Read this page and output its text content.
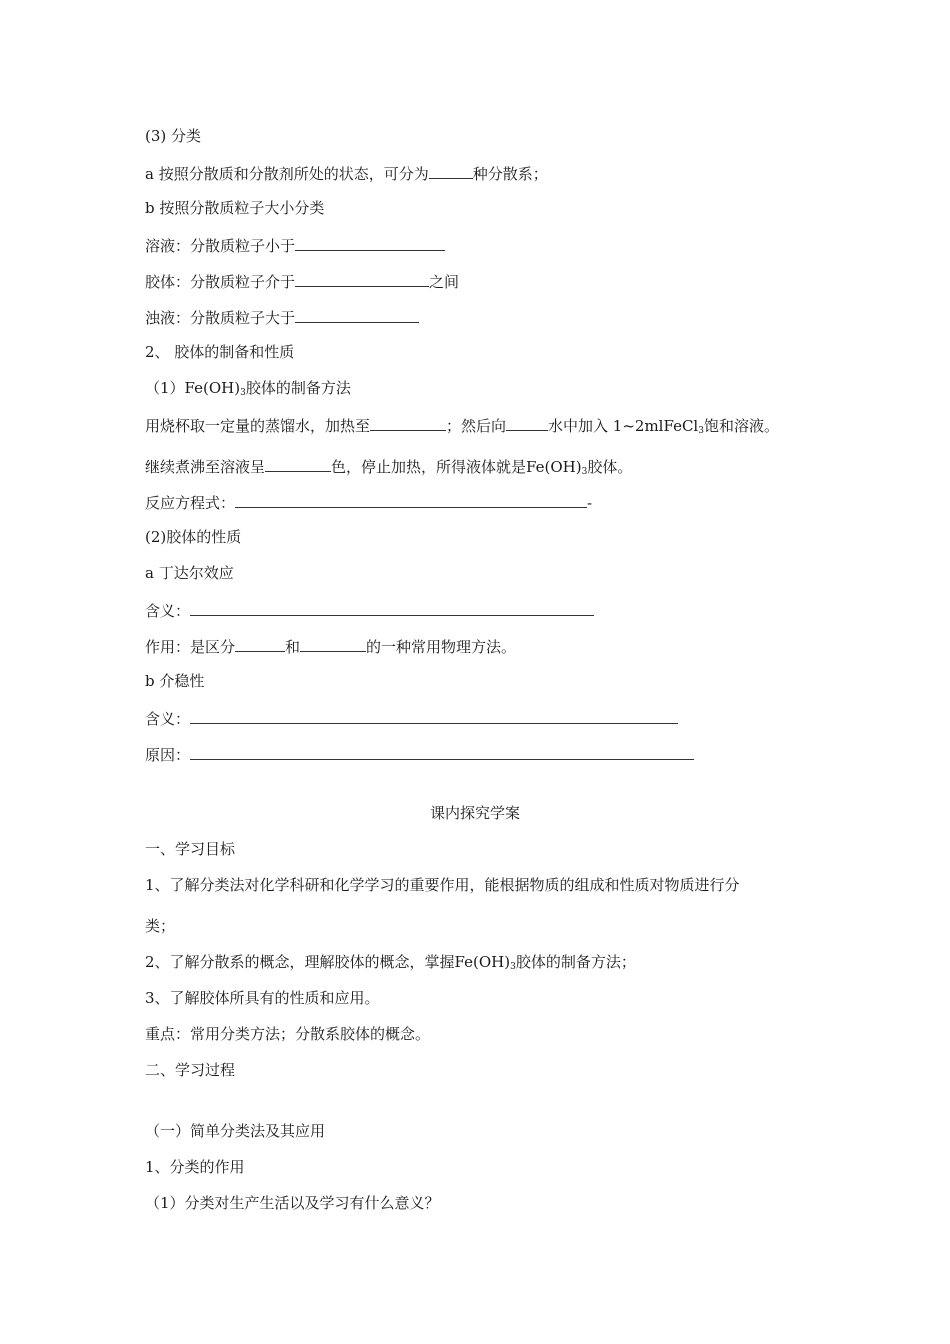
(3) 分类
a 按照分散质和分散剂所处的状态，可分为	种分散系；
b 按照分散质粒子大小分类
溶液：分散质粒子小于
胶体：分散质粒子介于	之间
浊液：分散质粒子大于
2、 胶体的制备和性质
$(1)Fe(OH)_3$胶体的制备方法
用烧杯取一定量的蒸馏水，加热至	；然后向	水中加入 1~2mlFeCl$_3$饱和溶液。
继续煮沸至溶液呈	色，停止加热，所得液体就是$Fe(OH)_3$胶体。
反应方程式：	-
(2)胶体的性质
a 丁达尔效应
含义：
作用：是区分	和	的一种常用物理方法。
b 介稳性
含义：
原因：
课内探究学案
一、学习目标
1、了解分类法对化学科研和化学学习的重要作用，能根据物质的组成和性质对物质进行分
类；
2、了解分散系的概念，理解胶体的概念，掌握$Fe(OH)_3$胶体的制备方法；
3、了解胶体所具有的性质和应用。
重点：常用分类方法；分散系胶体的概念。
二、学习过程
（一）简单分类法及其应用
1、分类的作用
（1）分类对生产生活以及学习有什么意义？
